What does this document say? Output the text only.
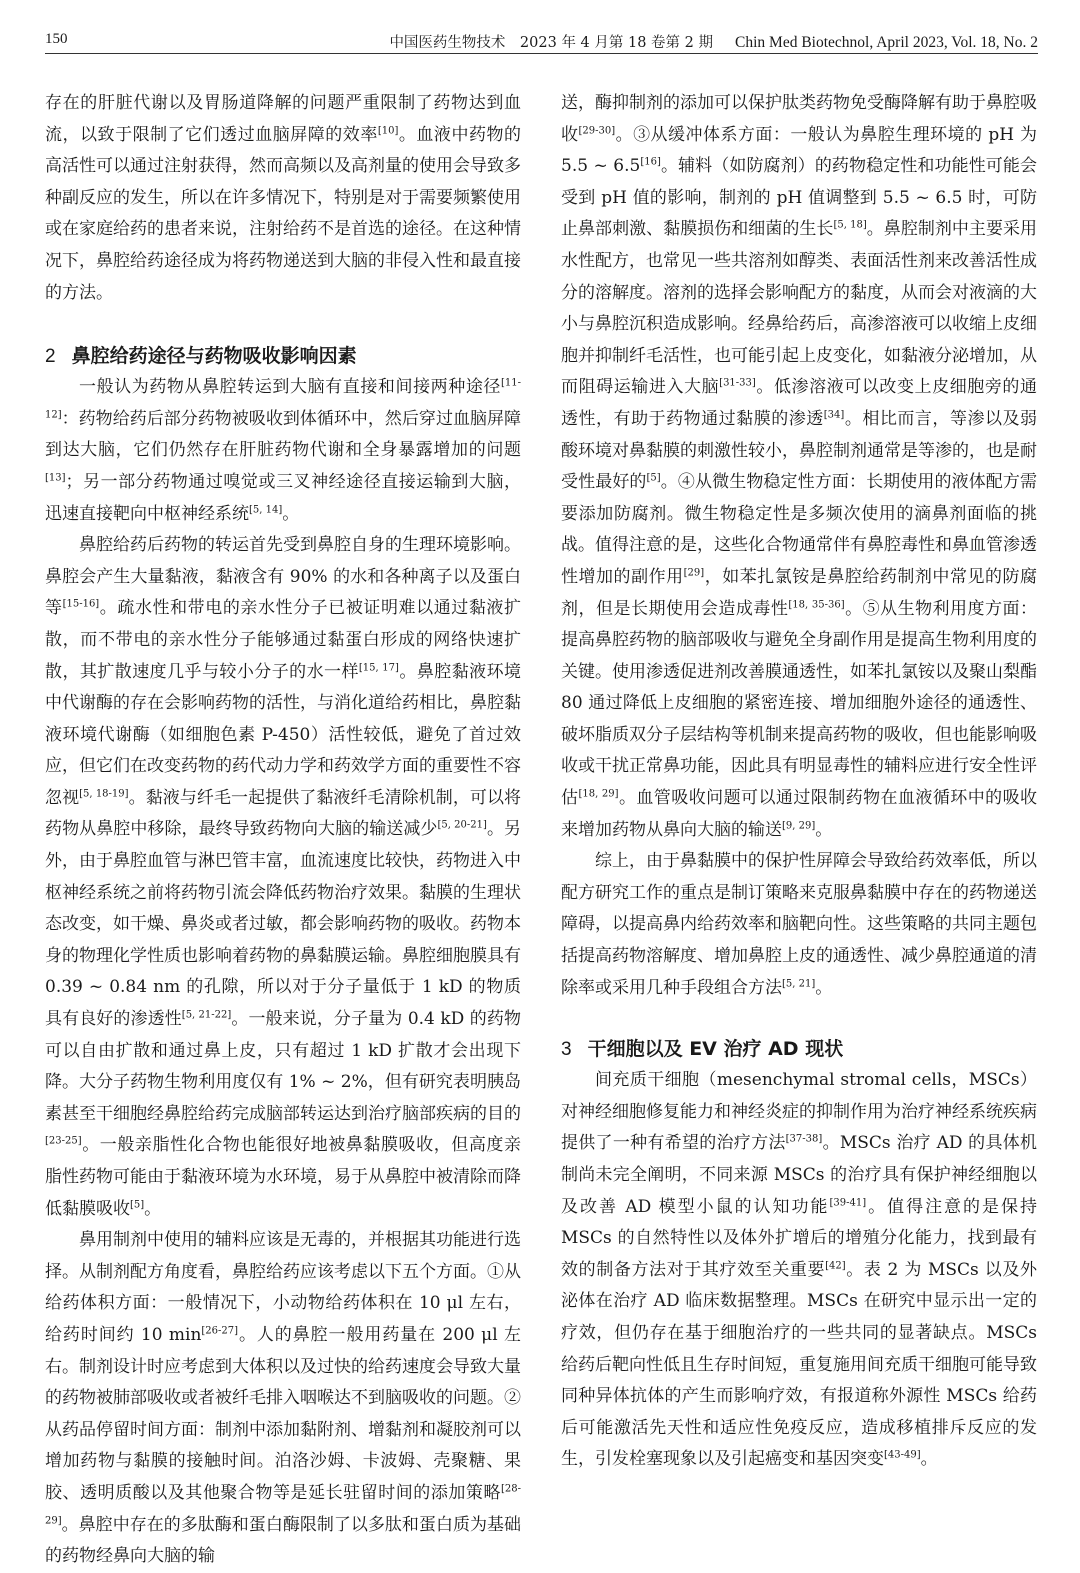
150	中国医药生物技术　2023 年 4 月第 18 卷第 2 期 Chin Med Biotechnol, April 2023, Vol. 18, No. 2

存在的肝脏代谢以及胃肠道降解的问题严重限制了药物达到血流，以致于限制了它们透过血脑屏障的效率[10]。血液中药物的高活性可以通过注射获得，然而高频以及高剂量的使用会导致多种副反应的发生，所以在许多情况下，特别是对于需要频繁使用或在家庭给药的患者来说，注射给药不是首选的途径。在这种情况下，鼻腔给药途径成为将药物递送到大脑的非侵入性和最直接的方法。

2 鼻腔给药途径与药物吸收影响因素

一般认为药物从鼻腔转运到大脑有直接和间接两种途径[11-12]：药物给药后部分药物被吸收到体循环中，然后穿过血脑屏障到达大脑，它们仍然存在肝脏药物代谢和全身暴露增加的问题[13]；另一部分药物通过嗅觉或三叉神经途径直接运输到大脑，迅速直接靶向中枢神经系统[5, 14]。

鼻腔给药后药物的转运首先受到鼻腔自身的生理环境影响。鼻腔会产生大量黏液，黏液含有 90% 的水和各种离子以及蛋白等[15-16]。疏水性和带电的亲水性分子已被证明难以通过黏液扩散，而不带电的亲水性分子能够通过黏蛋白形成的网络快速扩散，其扩散速度几乎与较小分子的水一样[15, 17]。鼻腔黏液环境中代谢酶的存在会影响药物的活性，与消化道给药相比，鼻腔黏液环境代谢酶（如细胞色素 P-450）活性较低，避免了首过效应，但它们在改变药物的药代动力学和药效学方面的重要性不容忽视[5, 18-19]。黏液与纤毛一起提供了黏液纤毛清除机制，可以将药物从鼻腔中移除，最终导致药物向大脑的输送减少[5, 20-21]。另外，由于鼻腔血管与淋巴管丰富，血流速度比较快，药物进入中枢神经系统之前将药物引流会降低药物治疗效果。黏膜的生理状态改变，如干燥、鼻炎或者过敏，都会影响药物的吸收。药物本身的物理化学性质也影响着药物的鼻黏膜运输。鼻腔细胞膜具有 0.39 ~ 0.84 nm 的孔隙，所以对于分子量低于 1 kD 的物质具有良好的渗透性[5, 21-22]。一般来说，分子量为 0.4 kD 的药物可以自由扩散和通过鼻上皮，只有超过 1 kD 扩散才会出现下降。大分子药物生物利用度仅有 1% ~ 2%，但有研究表明胰岛素甚至干细胞经鼻腔给药完成脑部转运达到治疗脑部疾病的目的[23-25]。一般亲脂性化合物也能很好地被鼻黏膜吸收，但高度亲脂性药物可能由于黏液环境为水环境，易于从鼻腔中被清除而降低黏膜吸收[5]。

鼻用制剂中使用的辅料应该是无毒的，并根据其功能进行选择。从制剂配方角度看，鼻腔给药应该考虑以下五个方面。①从给药体积方面：一般情况下，小动物给药体积在 10 μl 左右，给药时间约 10 min[26-27]。人的鼻腔一般用药量在 200 μl 左右。制剂设计时应考虑到大体积以及过快的给药速度会导致大量的药物被肺部吸收或者被纤毛排入咽喉达不到脑吸收的问题。②从药品停留时间方面：制剂中添加黏附剂、增黏剂和凝胶剂可以增加药物与黏膜的接触时间。泊洛沙姆、卡波姆、壳聚糖、果胶、透明质酸以及其他聚合物等是延长驻留时间的添加策略[28-29]。鼻腔中存在的多肽酶和蛋白酶限制了以多肽和蛋白质为基础的药物经鼻向大脑的输

送，酶抑制剂的添加可以保护肽类药物免受酶降解有助于鼻腔吸收[29-30]。③从缓冲体系方面：一般认为鼻腔生理环境的 pH 为 5.5 ~ 6.5[16]。辅料（如防腐剂）的药物稳定性和功能性可能会受到 pH 值的影响，制剂的 pH 值调整到 5.5 ~ 6.5 时，可防止鼻部刺激、黏膜损伤和细菌的生长[5, 18]。鼻腔制剂中主要采用水性配方，也常见一些共溶剂如醇类、表面活性剂来改善活性成分的溶解度。溶剂的选择会影响配方的黏度，从而会对液滴的大小与鼻腔沉积造成影响。经鼻给药后，高渗溶液可以收缩上皮细胞并抑制纤毛活性，也可能引起上皮变化，如黏液分泌增加，从而阻碍运输进入大脑[31-33]。低渗溶液可以改变上皮细胞旁的通透性，有助于药物通过黏膜的渗透[34]。相比而言，等渗以及弱酸环境对鼻黏膜的刺激性较小，鼻腔制剂通常是等渗的，也是耐受性最好的[5]。④从微生物稳定性方面：长期使用的液体配方需要添加防腐剂。微生物稳定性是多频次使用的滴鼻剂面临的挑战。值得注意的是，这些化合物通常伴有鼻腔毒性和鼻血管渗透性增加的副作用[29]，如苯扎氯铵是鼻腔给药制剂中常见的防腐剂，但是长期使用会造成毒性[18, 35-36]。⑤从生物利用度方面：提高鼻腔药物的脑部吸收与避免全身副作用是提高生物利用度的关键。使用渗透促进剂改善膜通透性，如苯扎氯铵以及聚山梨酯 80 通过降低上皮细胞的紧密连接、增加细胞外途径的通透性、破坏脂质双分子层结构等机制来提高药物的吸收，但也能影响吸收或干扰正常鼻功能，因此具有明显毒性的辅料应进行安全性评估[18, 29]。血管吸收问题可以通过限制药物在血液循环中的吸收来增加药物从鼻向大脑的输送[9, 29]。

综上，由于鼻黏膜中的保护性屏障会导致给药效率低，所以配方研究工作的重点是制订策略来克服鼻黏膜中存在的药物递送障碍，以提高鼻内给药效率和脑靶向性。这些策略的共同主题包括提高药物溶解度、增加鼻腔上皮的通透性、减少鼻腔通道的清除率或采用几种手段组合方法[5, 21]。

3 干细胞以及 EV 治疗 AD 现状

间充质干细胞（mesenchymal stromal cells，MSCs）对神经细胞修复能力和神经炎症的抑制作用为治疗神经系统疾病提供了一种有希望的治疗方法[37-38]。MSCs 治疗 AD 的具体机制尚未完全阐明，不同来源 MSCs 的治疗具有保护神经细胞以及改善 AD 模型小鼠的认知功能[39-41]。值得注意的是保持 MSCs 的自然特性以及体外扩增后的增殖分化能力，找到最有效的制备方法对于其疗效至关重要[42]。表 2 为 MSCs 以及外泌体在治疗 AD 临床数据整理。MSCs 在研究中显示出一定的疗效，但仍存在基于细胞治疗的一些共同的显著缺点。MSCs 给药后靶向性低且生存时间短，重复施用间充质干细胞可能导致同种异体抗体的产生而影响疗效，有报道称外源性 MSCs 给药后可能激活先天性和适应性免疫反应，造成移植排斥反应的发生，引发栓塞现象以及引起癌变和基因突变[43-49]。
